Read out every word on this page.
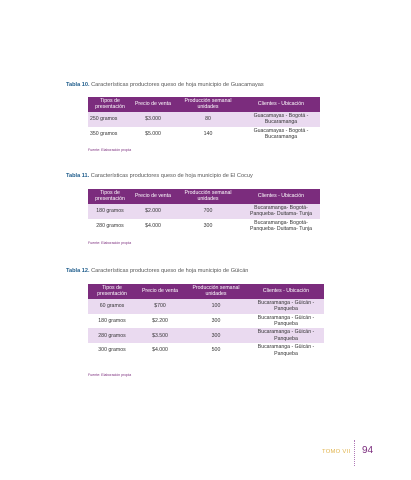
Tabla 10. Características productores queso de hoja municipio de Guacamayas
Tipos de presentación	Precio de venta	Producción semanal unidades	Clientes - Ubicación
250 gramos	$3.000	80	Guacamayas - Bogotá - Bucaramanga
350 gramos	$5.000	140	Guacamayas - Bogotá - Bucaramanga
Fuente: Elaboración propia
Tabla 11. Características productores queso de hoja municipio de El Cocuy
Tipos de presentación	Precio de venta	Producción semanal unidades	Clientes - Ubicación
180 gramos	$2.000	700	Bucaramanga- Bogotá- Panqueba- Duitama- Tunja
280 gramos	$4.000	300	Bucaramanga- Bogotá- Panqueba- Duitama- Tunja
Fuente: Elaboración propia
Tabla 12. Características productores queso de hoja municipio de Güicán
Tipos de presentación	Precio de venta	Producción semanal unidades	Clientes - Ubicación
60 gramos	$700	100	Bucaramanga - Güicán - Panqueba
180 gramos	$2.200	300	Bucaramanga - Güicán - Panqueba
280 gramos	$3.500	300	Bucaramanga - Güicán - Panqueba
300 gramos	$4.000	500	Bucaramanga - Güicán - Panqueba
Fuente: Elaboración propia
TOMO VII 94
